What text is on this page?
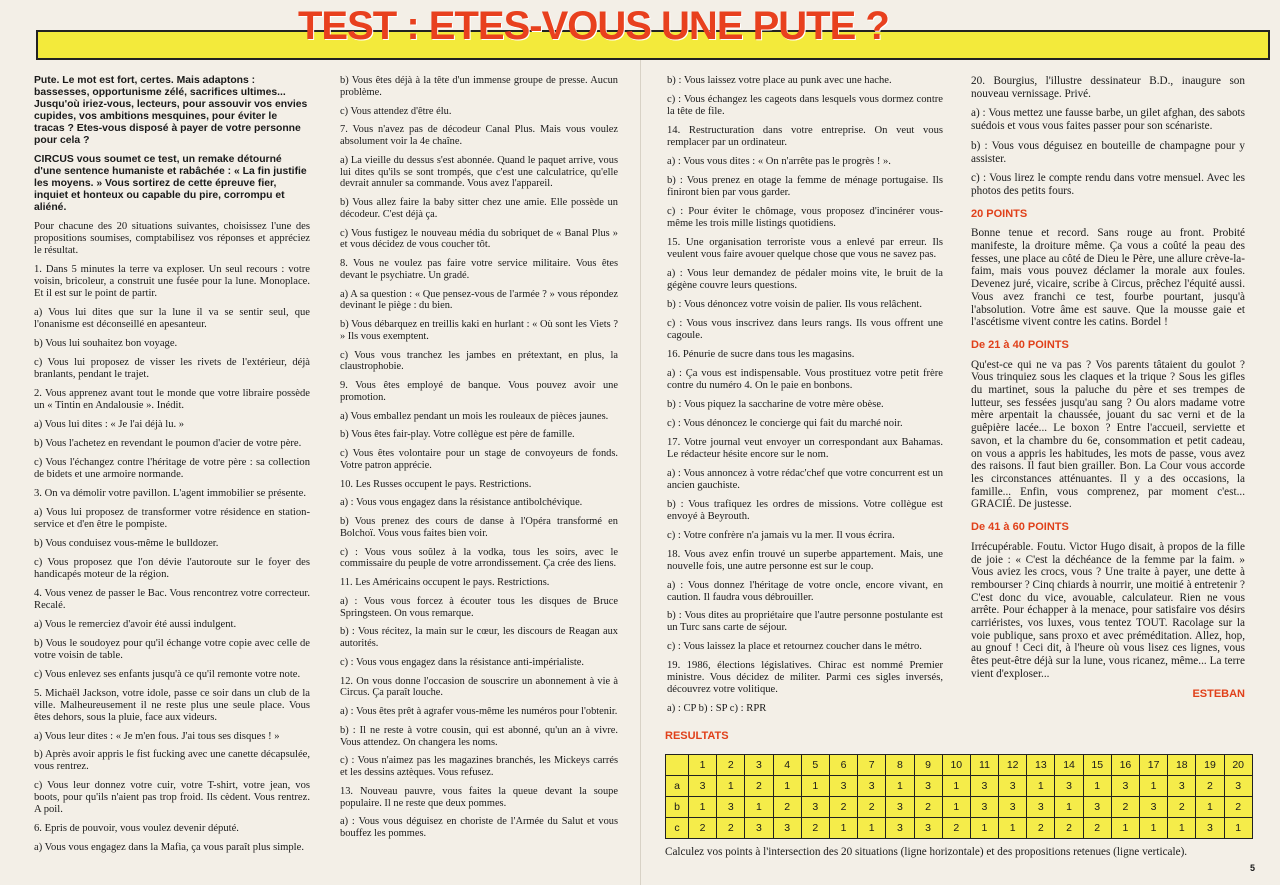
TEST : ETES-VOUS UNE PUTE ?

Pute. Le mot est fort, certes. Mais adaptons : bassesses, opportunisme zélé, sacrifices ultimes... Jusqu'où iriez-vous, lecteurs, pour assouvir vos envies cupides, vos ambitions mesquines, pour éviter le tracas ? Etes-vous disposé à payer de votre personne pour cela ?

CIRCUS vous soumet ce test, un remake détourné d'une sentence humaniste et rabâchée : « La fin justifie les moyens. » Vous sortirez de cette épreuve fier, inquiet et honteux ou capable du pire, corrompu et aliéné.

Pour chacune des 20 situations suivantes, choisissez l'une des propositions soumises, comptabilisez vos réponses et appréciez le résultat.

1. Dans 5 minutes la terre va exploser. Un seul recours : votre voisin, bricoleur, a construit une fusée pour la lune. Monoplace. Et il est sur le point de partir.

a) Vous lui dites que sur la lune il va se sentir seul, que l'onanisme est déconseillé en apesanteur.

b) Vous lui souhaitez bon voyage.

c) Vous lui proposez de visser les rivets de l'extérieur, déjà branlants, pendant le trajet.

2. Vous apprenez avant tout le monde que votre libraire possède un « Tintin en Andalousie ». Inédit.

a) Vous lui dites : « Je l'ai déjà lu. »

b) Vous l'achetez en revendant le poumon d'acier de votre père.

c) Vous l'échangez contre l'héritage de votre père : sa collection de bidets et une armoire normande.

3. On va démolir votre pavillon. L'agent immobilier se présente.

a) Vous lui proposez de transformer votre résidence en station-service et d'en être le pompiste.

b) Vous conduisez vous-même le bulldozer.

c) Vous proposez que l'on dévie l'autoroute sur le foyer des handicapés moteur de la région.

4. Vous venez de passer le Bac. Vous rencontrez votre correcteur. Recalé.

a) Vous le remerciez d'avoir été aussi indulgent.

b) Vous le soudoyez pour qu'il échange votre copie avec celle de votre voisin de table.

c) Vous enlevez ses enfants jusqu'à ce qu'il remonte votre note.

5. Michaël Jackson, votre idole, passe ce soir dans un club de la ville. Malheureusement il ne reste plus une seule place. Vous êtes dehors, sous la pluie, face aux videurs.

a) Vous leur dites : « Je m'en fous. J'ai tous ses disques ! »

b) Après avoir appris le fist fucking avec une canette décapsulée, vous rentrez.

c) Vous leur donnez votre cuir, votre T-shirt, votre jean, vos boots, pour qu'ils n'aient pas trop froid. Ils cèdent. Vous rentrez. A poil.

6. Epris de pouvoir, vous voulez devenir député.

a) Vous vous engagez dans la Mafia, ça vous paraît plus simple.

b) Vous êtes déjà à la tête d'un immense groupe de presse. Aucun problème.

c) Vous attendez d'être élu.

7. Vous n'avez pas de décodeur Canal Plus. Mais vous voulez absolument voir la 4e chaîne.

a) La vieille du dessus s'est abonnée. Quand le paquet arrive, vous lui dites qu'ils se sont trompés, que c'est une calculatrice, qu'elle devrait annuler sa commande. Vous avez l'appareil.

b) Vous allez faire la baby sitter chez une amie. Elle possède un décodeur. C'est déjà ça.

c) Vous fustigez le nouveau média du sobriquet de « Banal Plus » et vous décidez de vous coucher tôt.

8. Vous ne voulez pas faire votre service militaire. Vous êtes devant le psychiatre. Un gradé.

a) A sa question : « Que pensez-vous de l'armée ? » vous répondez devinant le piège : du bien.

b) Vous débarquez en treillis kaki en hurlant : « Où sont les Viets ? » Ils vous exemptent.

c) Vous vous tranchez les jambes en prétextant, en plus, la claustrophobie.

9. Vous êtes employé de banque. Vous pouvez avoir une promotion.

a) Vous emballez pendant un mois les rouleaux de pièces jaunes.

b) Vous êtes fair-play. Votre collègue est père de famille.

c) Vous êtes volontaire pour un stage de convoyeurs de fonds. Votre patron apprécie.

10. Les Russes occupent le pays. Restrictions.

a) : Vous vous engagez dans la résistance antibolchévique.

b) Vous prenez des cours de danse à l'Opéra transformé en Bolchoï. Vous vous faites bien voir.

c) : Vous vous soûlez à la vodka, tous les soirs, avec le commissaire du peuple de votre arrondissement. Ça crée des liens.

11. Les Américains occupent le pays. Restrictions.

a) : Vous vous forcez à écouter tous les disques de Bruce Springsteen. On vous remarque.

b) : Vous récitez, la main sur le cœur, les discours de Reagan aux autorités.

c) : Vous vous engagez dans la résistance anti-impérialiste.

12. On vous donne l'occasion de souscrire un abonnement à vie à Circus. Ça paraît louche.

a) : Vous êtes prêt à agrafer vous-même les numéros pour l'obtenir.

b) : Il ne reste à votre cousin, qui est abonné, qu'un an à vivre. Vous attendez. On changera les noms.

c) : Vous n'aimez pas les magazines branchés, les Mickeys carrés et les dessins aztèques. Vous refusez.

13. Nouveau pauvre, vous faites la queue devant la soupe populaire. Il ne reste que deux pommes.

a) : Vous vous déguisez en choriste de l'Armée du Salut et vous bouffez les pommes.

b) : Vous laissez votre place au punk avec une hache.

c) : Vous échangez les cageots dans lesquels vous dormez contre la tête de file.

14. Restructuration dans votre entreprise. On veut vous remplacer par un ordinateur.

a) : Vous vous dites : « On n'arrête pas le progrès ! ».

b) : Vous prenez en otage la femme de ménage portugaise. Ils finiront bien par vous garder.

c) : Pour éviter le chômage, vous proposez d'incinérer vous-même les trois mille listings quotidiens.

15. Une organisation terroriste vous a enlevé par erreur. Ils veulent vous faire avouer quelque chose que vous ne savez pas.

a) : Vous leur demandez de pédaler moins vite, le bruit de la gégène couvre leurs questions.

b) : Vous dénoncez votre voisin de palier. Ils vous relâchent.

c) : Vous vous inscrivez dans leurs rangs. Ils vous offrent une cagoule.

16. Pénurie de sucre dans tous les magasins.

a) : Ça vous est indispensable. Vous prostituez votre petit frère contre du numéro 4. On le paie en bonbons.

b) : Vous piquez la saccharine de votre mère obèse.

c) : Vous dénoncez le concierge qui fait du marché noir.

17. Votre journal veut envoyer un correspondant aux Bahamas. Le rédacteur hésite encore sur le nom.

a) : Vous annoncez à votre rédac'chef que votre concurrent est un ancien gauchiste.

b) : Vous trafiquez les ordres de missions. Votre collègue est envoyé à Beyrouth.

c) : Votre confrère n'a jamais vu la mer. Il vous écrira.

18. Vous avez enfin trouvé un superbe appartement. Mais, une nouvelle fois, une autre personne est sur le coup.

a) : Vous donnez l'héritage de votre oncle, encore vivant, en caution. Il faudra vous débrouiller.

b) : Vous dites au propriétaire que l'autre personne postulante est un Turc sans carte de séjour.

c) : Vous laissez la place et retournez coucher dans le métro.

19. 1986, élections législatives. Chirac est nommé Premier ministre. Vous décidez de militer. Parmi ces sigles inversés, découvrez votre volitique.

a) : CP b) : SP c) : RPR

20. Bourgius, l'illustre dessinateur B.D., inaugure son nouveau vernissage. Privé.

a) : Vous mettez une fausse barbe, un gilet afghan, des sabots suédois et vous vous faites passer pour son scénariste.

b) : Vous vous déguisez en bouteille de champagne pour y assister.

c) : Vous lirez le compte rendu dans votre mensuel. Avec les photos des petits fours.

20 POINTS

Bonne tenue et record. Sans rouge au front. Probité manifeste, la droiture même. Ça vous a coûté la peau des fesses, une place au côté de Dieu le Père, une allure crève-la-faim, mais vous pouvez déclamer la morale aux foules. Devenez juré, vicaire, scribe à Circus, prêchez l'équité aussi. Vous avez franchi ce test, fourbe pourtant, jusqu'à l'absolution. Votre âme est sauve. Que la mousse gaie et l'ascétisme vivent contre les catins. Bordel !

De 21 à 40 POINTS

Qu'est-ce qui ne va pas ? Vos parents tâtaient du goulot ? Vous trinquiez sous les claques et la trique ? Sous les gifles du martinet, sous la paluche du père et ses trempes de lutteur, ses fessées jusqu'au sang ? Ou alors madame votre mère arpentait la chaussée, jouant du sac verni et de la guêpière lacée... Le boxon ? Entre l'accueil, serviette et savon, et la chambre du 6e, consommation et petit cadeau, on vous a appris les habitudes, les mots de passe, vous avez des raisons. Il faut bien grailler. Bon. La Cour vous accorde les circonstances atténuantes. Il y a des occasions, la famille... Enfin, vous comprenez, par moment c'est... GRACIÉ. De justesse.

De 41 à 60 POINTS

Irrécupérable. Foutu. Victor Hugo disait, à propos de la fille de joie : « C'est la déchéance de la femme par la faim. » Vous aviez les crocs, vous ? Une traite à payer, une dette à rembourser ? Cinq chiards à nourrir, une moitié à entretenir ? C'est donc du vice, avouable, calculateur. Rien ne vous arrête. Pour échapper à la menace, pour satisfaire vos désirs carriéristes, vos luxes, vous tentez TOUT. Racolage sur la voie publique, sans proxo et avec préméditation. Allez, hop, au gnouf ! Ceci dit, à l'heure où vous lisez ces lignes, vous êtes peut-être déjà sur la lune, vous ricanez, même... La terre vient d'exploser...

ESTEBAN
RESULTATS
	1	2	3	4	5	6	7	8	9	10	11	12	13	14	15	16	17	18	19	20
a	3	1	2	1	1	3	3	1	3	1	3	3	1	3	1	3	1	3	2	3
b	1	3	1	2	3	2	2	3	2	1	3	3	3	1	3	2	3	2	1	2
c	2	2	3	3	2	1	1	3	3	2	1	1	2	2	2	1	1	1	3	1
Calculez vos points à l'intersection des 20 situations (ligne horizontale) et des propositions retenues (ligne verticale).
5
